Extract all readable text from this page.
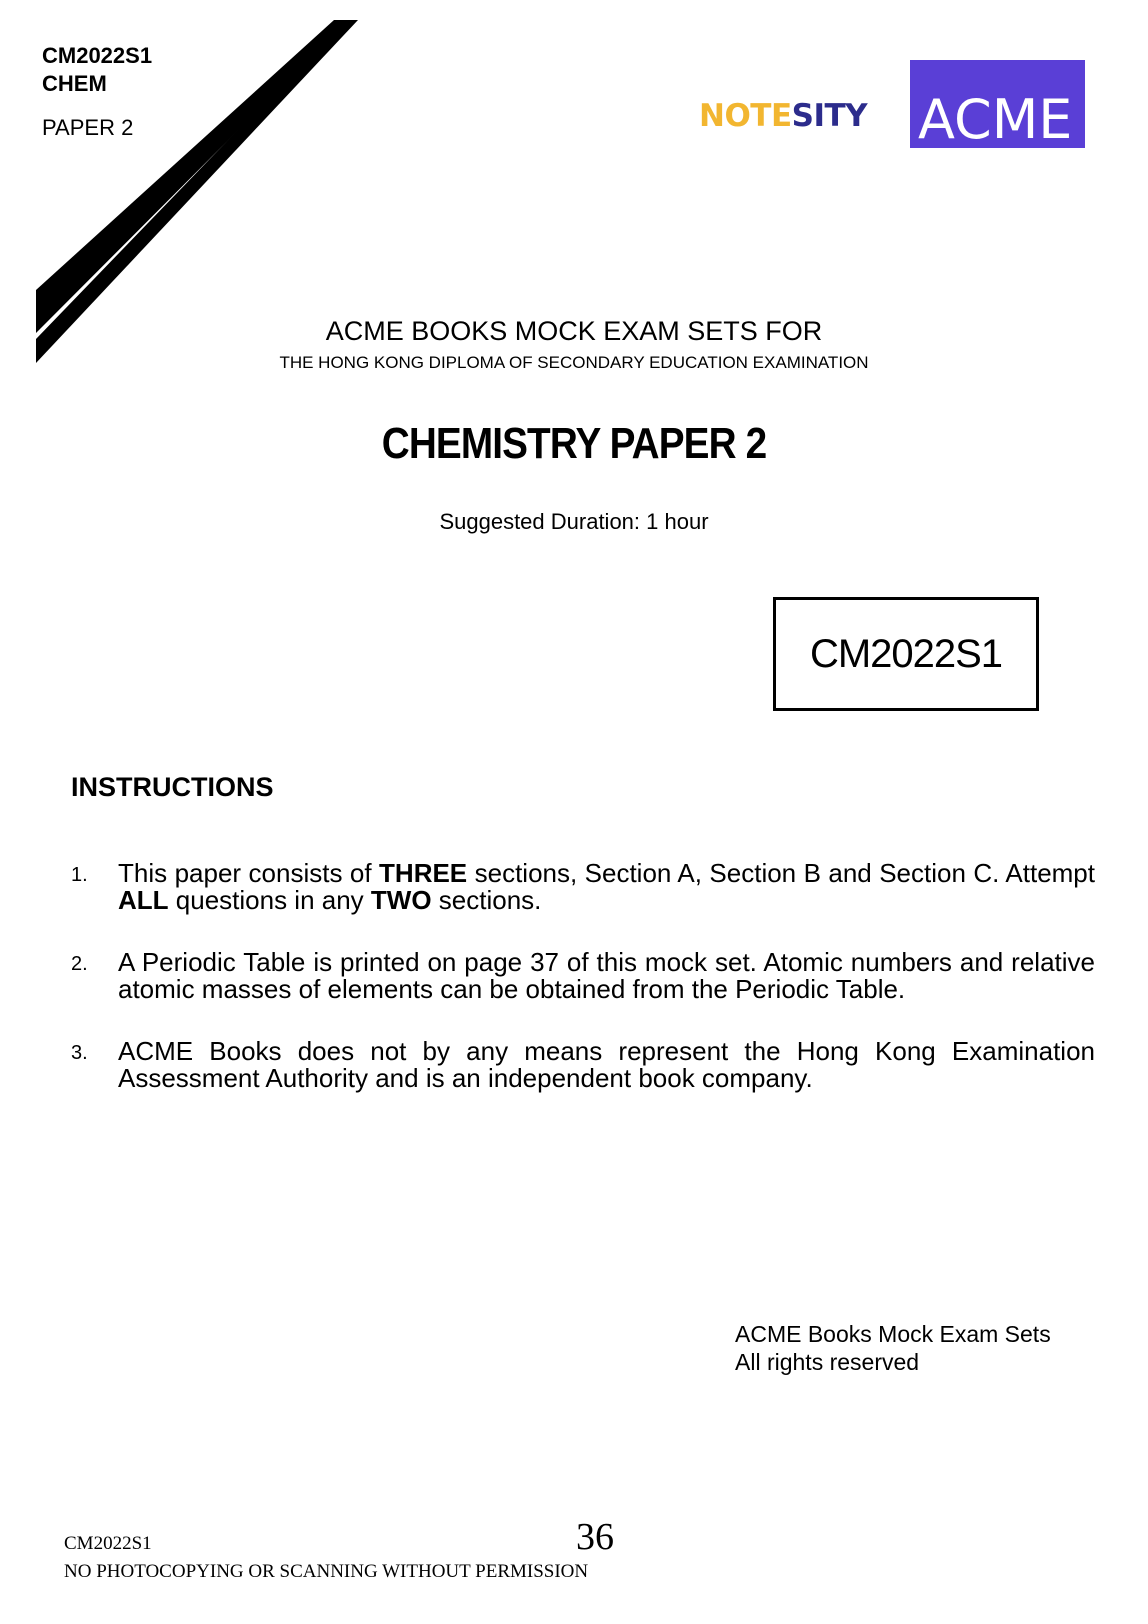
CM2022S1
CHEM
PAPER 2	NOTESITY ACME
ACME BOOKS MOCK EXAM SETS FOR
THE HONG KONG DIPLOMA OF SECONDARY EDUCATION EXAMINATION
CHEMISTRY PAPER 2
Suggested Duration: 1 hour
CM2022S1
INSTRUCTIONS
1.	This paper consists of THREE sections, Section A, Section B and Section C. Attempt ALL questions in any TWO sections.
2.	A Periodic Table is printed on page 37 of this mock set. Atomic numbers and relative atomic masses of elements can be obtained from the Periodic Table.
3.	ACME Books does not by any means represent the Hong Kong Examination Assessment Authority and is an independent book company.
ACME Books Mock Exam Sets
All rights reserved
CM2022S1	36
NO PHOTOCOPYING OR SCANNING WITHOUT PERMISSION
